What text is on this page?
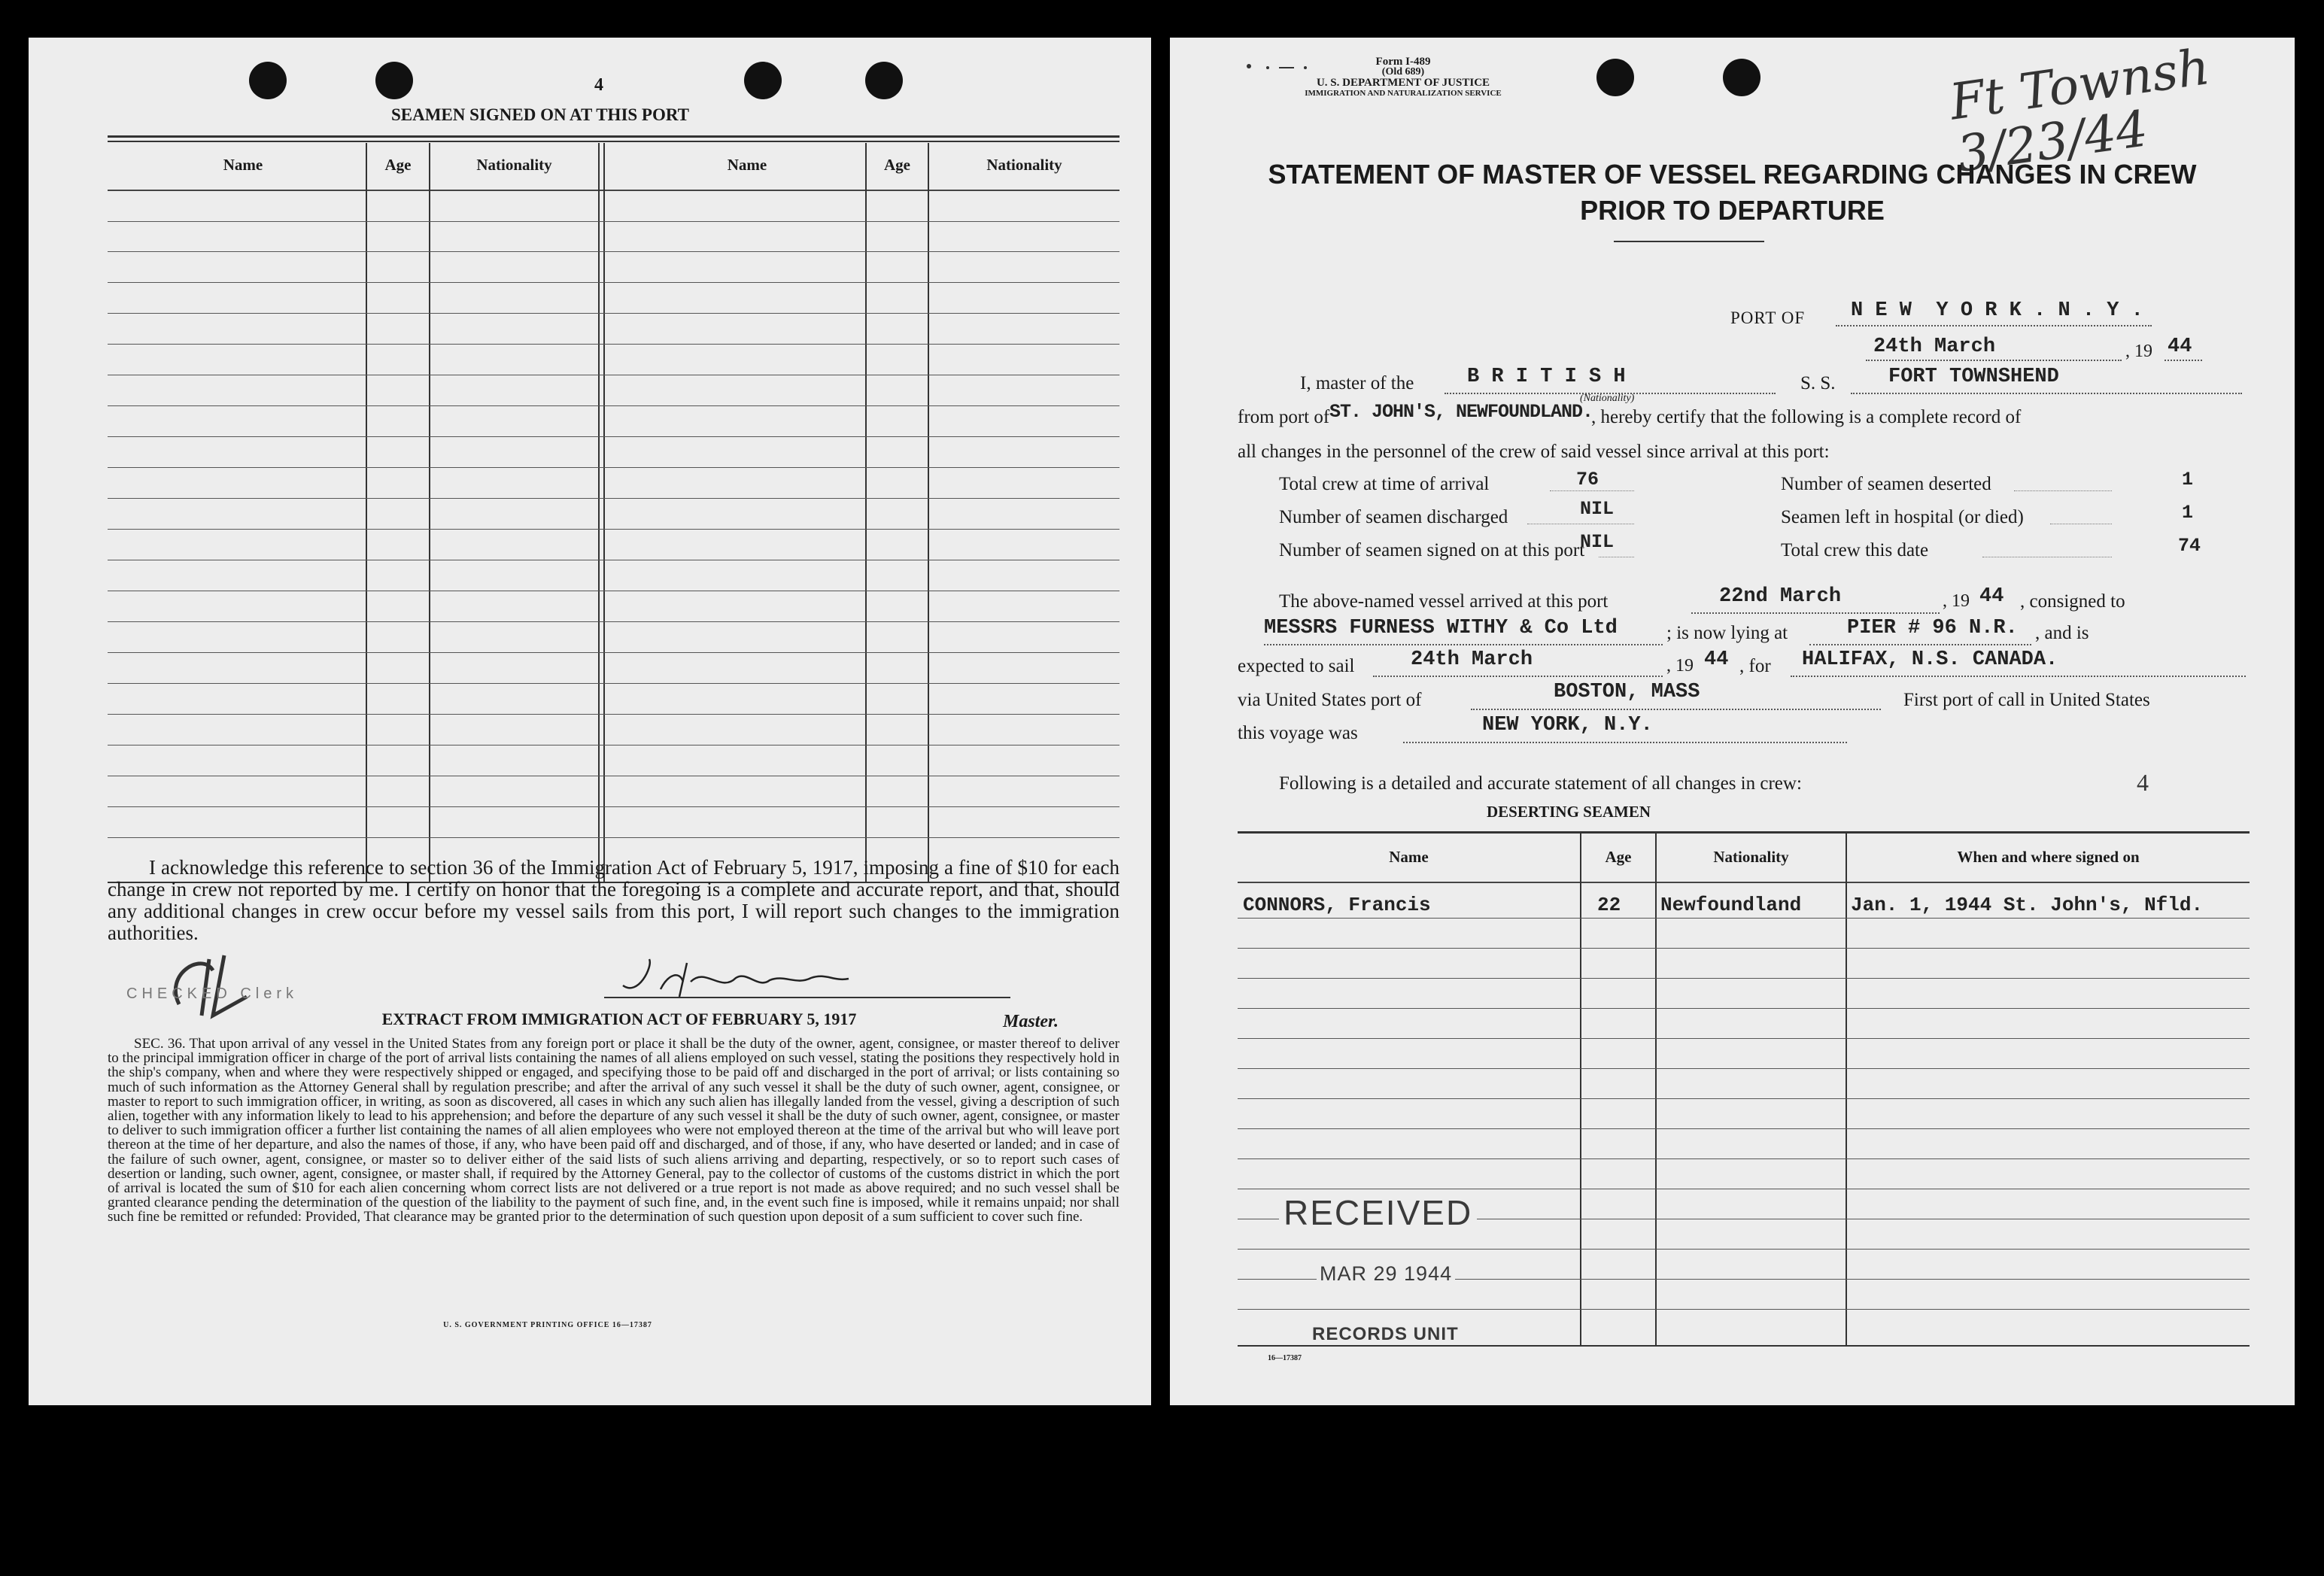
4
SEAMEN SIGNED ON AT THIS PORT
Name	Age	Nationality	Name	Age	Nationality
I acknowledge this reference to section 36 of the Immigration Act of February 5, 1917, imposing a fine of $10 for each change in crew not reported by me. I certify on honor that the foregoing is a complete and accurate report, and that, should any additional changes in crew occur before my vessel sails from this port, I will report such changes to the immigration authorities.
CHECKED Clerk
Master.
EXTRACT FROM IMMIGRATION ACT OF FEBRUARY 5, 1917
SEC. 36. That upon arrival of any vessel in the United States from any foreign port or place it shall be the duty of the owner, agent, consignee, or master thereof to deliver to the principal immigration officer in charge of the port of arrival lists containing the names of all aliens employed on such vessel, stating the positions they respectively hold in the ship's company, when and where they were respectively shipped or engaged, and specifying those to be paid off and discharged in the port of arrival; or lists containing so much of such information as the Attorney General shall by regulation prescribe; and after the arrival of any such vessel it shall be the duty of such owner, agent, consignee, or master to report to such immigration officer, in writing, as soon as discovered, all cases in which any such alien has illegally landed from the vessel, giving a description of such alien, together with any information likely to lead to his apprehension; and before the departure of any such vessel it shall be the duty of such owner, agent, consignee, or master to deliver to such immigration officer a further list containing the names of all alien employees who were not employed thereon at the time of the arrival but who will leave port thereon at the time of her departure, and also the names of those, if any, who have been paid off and discharged, and of those, if any, who have deserted or landed; and in case of the failure of such owner, agent, consignee, or master so to deliver either of the said lists of such aliens arriving and departing, respectively, or so to report such cases of desertion or landing, such owner, agent, consignee, or master shall, if required by the Attorney General, pay to the collector of customs of the customs district in which the port of arrival is located the sum of $10 for each alien concerning whom correct lists are not delivered or a true report is not made as above required; and no such vessel shall be granted clearance pending the determination of the question of the liability to the payment of such fine, and, in the event such fine is imposed, while it remains unpaid; nor shall such fine be remitted or refunded: Provided, That clearance may be granted prior to the determination of such question upon deposit of a sum sufficient to cover such fine.
U. S. GOVERNMENT PRINTING OFFICE 16—17387
Form I-489
(Old 689)
U. S. DEPARTMENT OF JUSTICE
IMMIGRATION AND NATURALIZATION SERVICE	Ft Townsh 3/23/44
STATEMENT OF MASTER OF VESSEL REGARDING CHANGES IN CREW
PRIOR TO DEPARTURE
PORT OF N E W  Y O R K . N . Y .
24th March	, 19 44
I, master of the	B R I T I S H
(Nationality)
S. S.	FORT TOWNSHEND
from port of ST. JOHN'S, NEWFOUNDLAND.
, hereby certify that the following is a complete record of
all changes in the personnel of the crew of said vessel since arrival at this port:
Total crew at time of arrival	76
Number of seamen discharged	NIL
Number of seamen signed on at this port
NIL
Number of seamen deserted	1
Seamen left in hospital (or died)	1
Total crew this date	74
The above-named vessel arrived at this port	22nd March	, 19 44 , consigned to
MESSRS FURNESS WITHY & Co Ltd	; is now lying at	PIER # 96 N.R. , and is
expected to sail	24th March	, 19 44 , for HALIFAX, N.S. CANADA.
via United States port of	BOSTON, MASS	First port of call in United States
this voyage was	NEW YORK, N.Y.
Following is a detailed and accurate statement of all changes in crew:	4
DESERTING SEAMEN
Name	Age	Nationality	When and where signed on
CONNORS, Francis	22 Newfoundland	Jan. 1, 1944 St. John's, Nfld.
RECEIVED
MAR 29 1944
RECORDS UNIT
16—17387
